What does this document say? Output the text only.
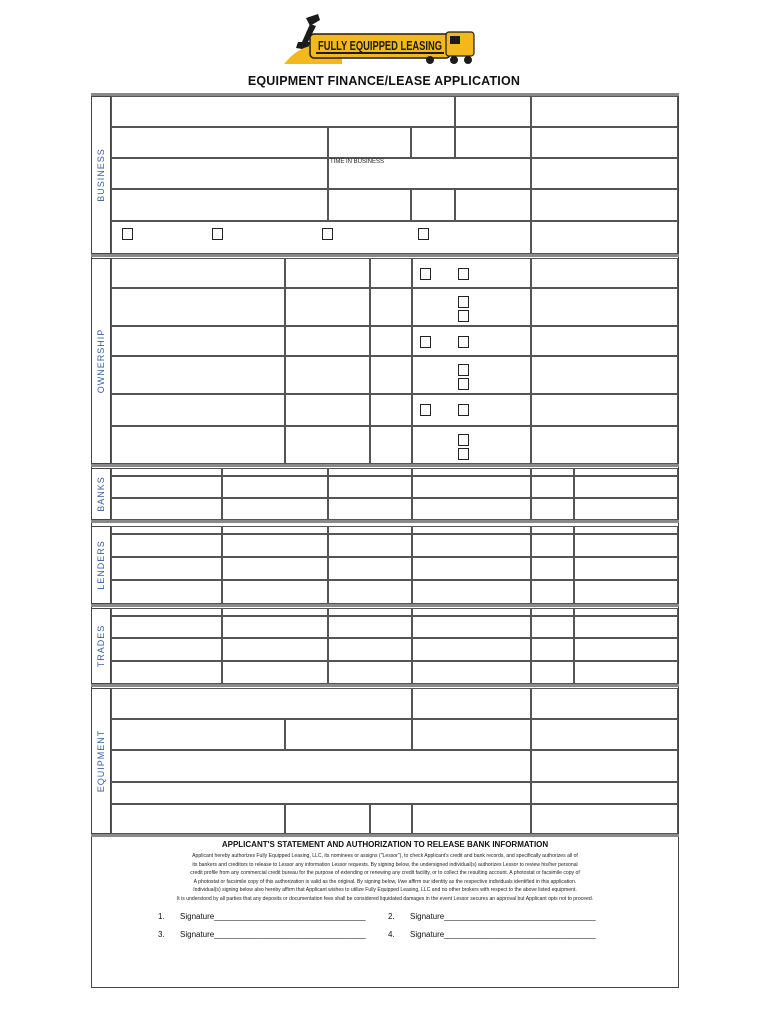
FULLY EQUIPPED LEASING
EQUIPMENT FINANCE/LEASE APPLICATION
BUSINESS
OWNERSHIP
BANKS
LENDERS
TRADES
EQUIPMENT
TIME IN BUSINESS
APPLICANT'S STATEMENT AND AUTHORIZATION TO RELEASE BANK INFORMATION
Applicant hereby authorizes Fully Equipped Leasing, LLC, its nominees or assigns ("Lessor"), to check Applicant's credit and bank records, and specifically authorizes all of
its bankers and creditors to release to Lessor any information Lessor requests. By signing below, the undersigned individual(s) authorizes Lessor to review his/her personal
credit profile from any commercial credit bureau for the purpose of extending or renewing any credit facility, or to collect the resulting account. A photostat or facsimile copy of
A photostat or facsimile copy of this authorization is valid as the original. By signing below, I/we affirm our identity as the respective individuals identified in this application.
Individual(s) signing below also hereby affirm that Applicant wishes to utilize Fully Equipped Leasing, LLC and no other brokers with respect to the above listed equipment.
It is understood by all parties that any deposits or documentation fees shall be considered liquidated damages in the event Lessor secures an approval but Applicant opts not to proceed.
1. Signature__________________________________	2. Signature__________________________________
3. Signature__________________________________	4. Signature__________________________________
